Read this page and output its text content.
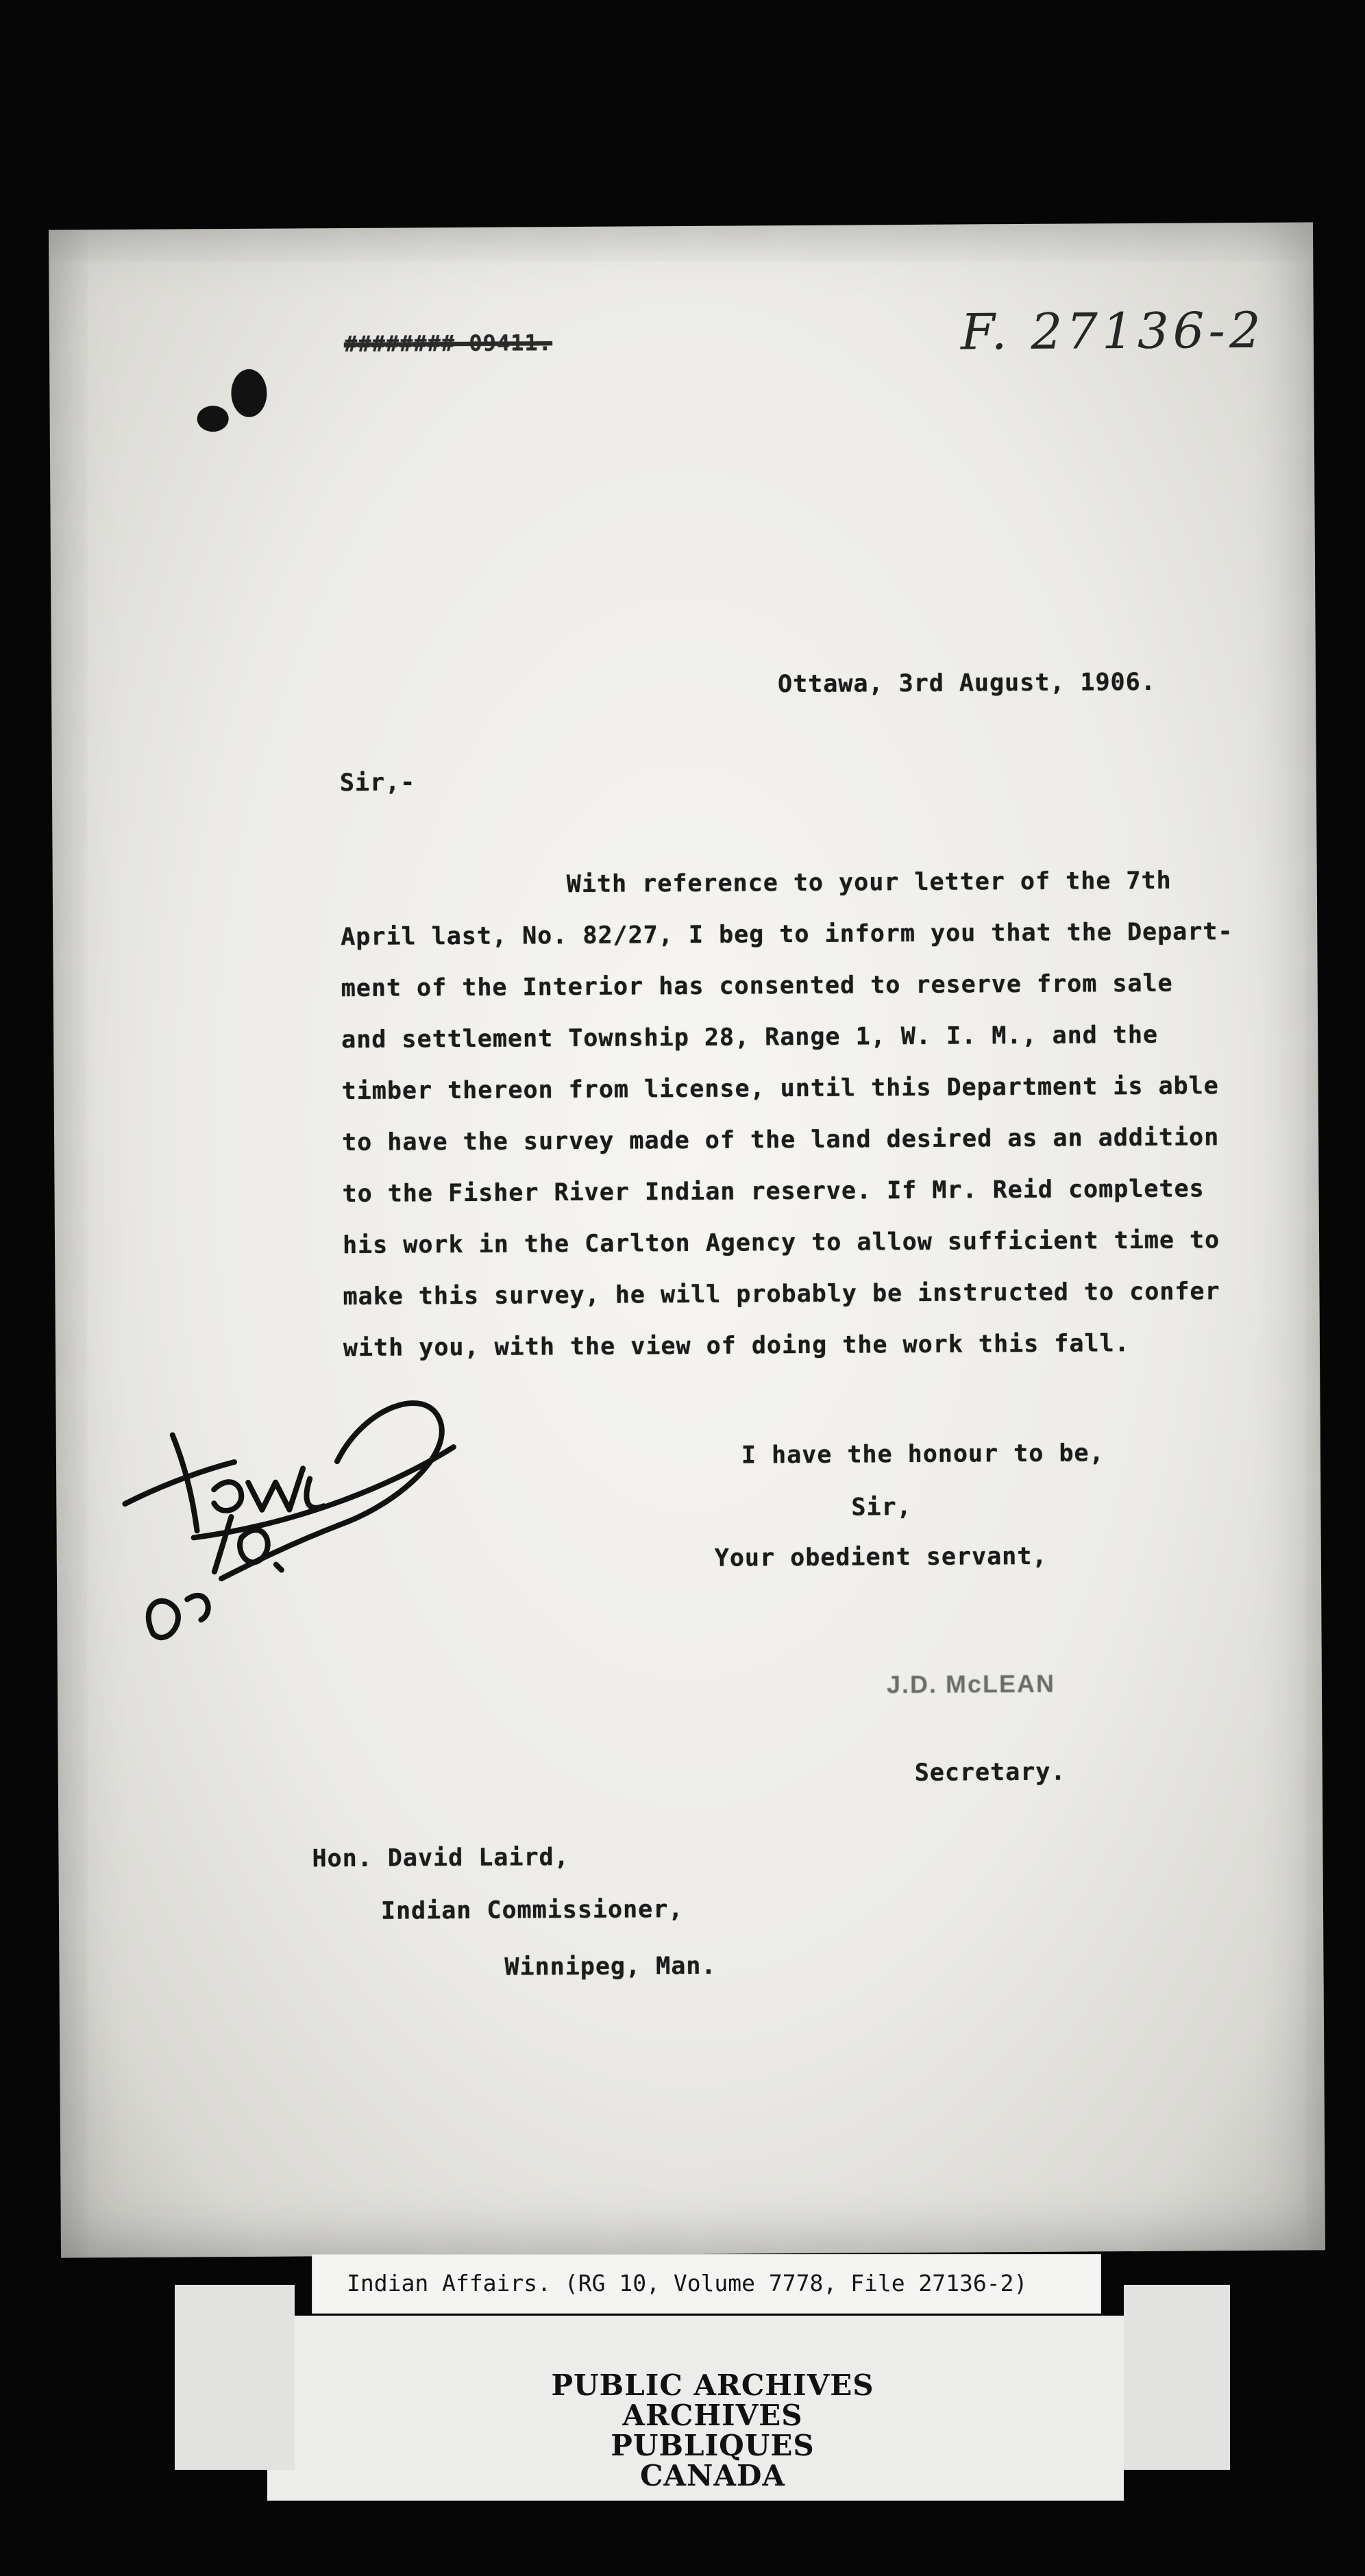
######## 09411.	F. 27136-2
Ottawa, 3rd August, 1906.
Sir,-
With reference to your letter of the 7th
April last, No. 82/27, I beg to inform you that the Depart-
ment of the Interior has consented to reserve from sale
and settlement Township 28, Range 1, W. I. M., and the
timber thereon from license, until this Department is able
to have the survey made of the land desired as an addition
to the Fisher River Indian reserve. If Mr. Reid completes
his work in the Carlton Agency to allow sufficient time to
make this survey, he will probably be instructed to confer
with you, with the view of doing the work this fall.
I have the honour to be,
Sir,
Your obedient servant,
J.D. McLEAN
Secretary.
Hon. David Laird,
Indian Commissioner,
Winnipeg, Man.
Indian Affairs. (RG 10, Volume 7778, File 27136-2)
PUBLIC ARCHIVES
ARCHIVES PUBLIQUES
CANADA
